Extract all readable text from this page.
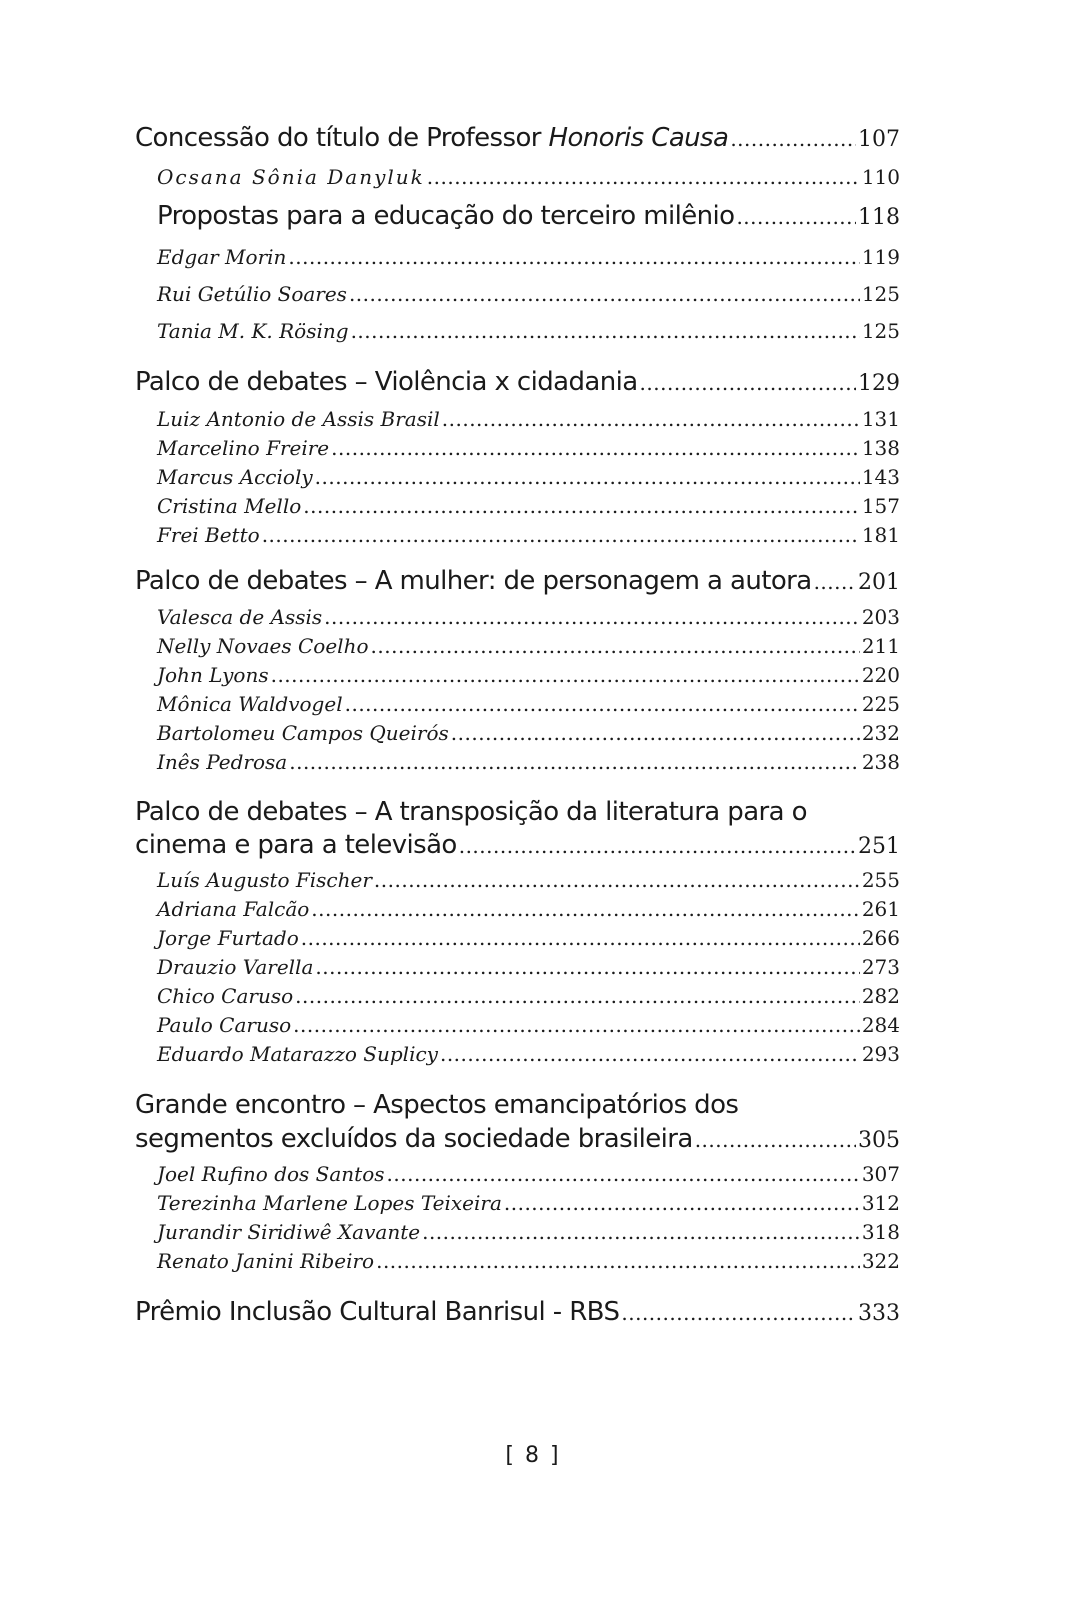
Concessão do título de Professor Honoris Causa .....	107
Ocsana Sônia Danyluk .....	110
Propostas para a educação do terceiro milênio .....	118
Edgar Morin .....	119
Rui Getúlio Soares .....	125
Tania M. K. Rösing .....	125
Palco de debates – Violência x cidadania .....	129
Luiz Antonio de Assis Brasil .....	131
Marcelino Freire .....	138
Marcus Accioly .....	143
Cristina Mello .....	157
Frei Betto .....	181
Palco de debates – A mulher: de personagem a autora ..... 201
Valesca de Assis .....	203
Nelly Novaes Coelho .....	211
John Lyons .....	220
Mônica Waldvogel .....	225
Bartolomeu Campos Queirós .....	232
Inês Pedrosa .....	238
Palco de debates – A transposição da literatura para o
cinema e para a televisão .....	251
Luís Augusto Fischer .....	255
Adriana Falcão .....	261
Jorge Furtado .....	266
Drauzio Varella .....	273
Chico Caruso .....	282
Paulo Caruso .....	284
Eduardo Matarazzo Suplicy .....	293
Grande encontro – Aspectos emancipatórios dos
segmentos excluídos da sociedade brasileira .....	305
Joel Rufino dos Santos .....	307
Terezinha Marlene Lopes Teixeira .....	312
Jurandir Siridiwê Xavante .....	318
Renato Janini Ribeiro .....	322
Prêmio Inclusão Cultural Banrisul - RBS .....	333
[ 8 ]
